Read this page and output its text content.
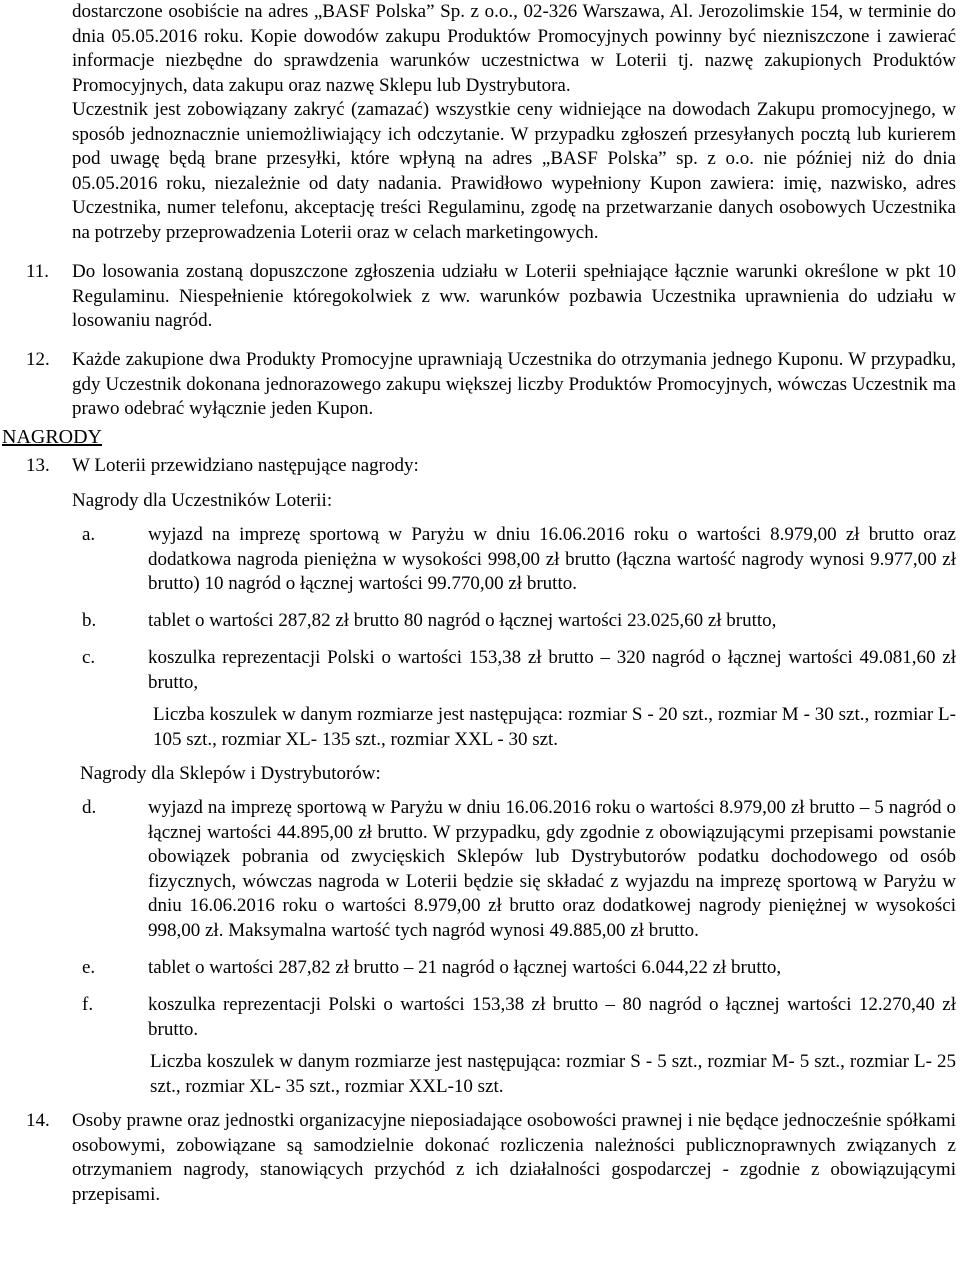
dostarczone osobiście na adres „BASF Polska” Sp. z o.o., 02-326 Warszawa, Al. Jerozolimskie 154, w terminie do dnia 05.05.2016 roku. Kopie dowodów zakupu Produktów Promocyjnych powinny być niezniszczone i zawierać informacje niezbędne do sprawdzenia warunków uczestnictwa w Loterii tj. nazwę zakupionych Produktów Promocyjnych, data zakupu oraz nazwę Sklepu lub Dystrybutora.

Uczestnik jest zobowiązany zakryć (zamazać) wszystkie ceny widniejące na dowodach Zakupu promocyjnego, w sposób jednoznacznie uniemożliwiający ich odczytanie. W przypadku zgłoszeń przesyłanych pocztą lub kurierem pod uwagę będą brane przesyłki, które wpłyną na adres „BASF Polska” sp. z o.o. nie później niż do dnia 05.05.2016 roku, niezależnie od daty nadania. Prawidłowo wypełniony Kupon zawiera: imię, nazwisko, adres Uczestnika, numer telefonu, akceptację treści Regulaminu, zgodę na przetwarzanie danych osobowych Uczestnika na potrzeby przeprowadzenia Loterii oraz w celach marketingowych.

11. Do losowania zostaną dopuszczone zgłoszenia udziału w Loterii spełniające łącznie warunki określone w pkt 10 Regulaminu. Niespełnienie któregokolwiek z ww. warunków pozbawia Uczestnika uprawnienia do udziału w losowaniu nagród.

12. Każde zakupione dwa Produkty Promocyjne uprawniają Uczestnika do otrzymania jednego Kuponu. W przypadku, gdy Uczestnik dokonana jednorazowego zakupu większej liczby Produktów Promocyjnych, wówczas Uczestnik ma prawo odebrać wyłącznie jeden Kupon.

NAGRODY
13. W Loterii przewidziano następujące nagrody:

Nagrody dla Uczestników Loterii:
a.	wyjazd na imprezę sportową w Paryżu w dniu 16.06.2016 roku o wartości 8.979,00 zł brutto oraz dodatkowa nagroda pieniężna w wysokości 998,00 zł brutto (łączna wartość nagrody wynosi 9.977,00 zł brutto) 10 nagród o łącznej wartości 99.770,00 zł brutto.

b.	tablet o wartości 287,82 zł brutto 80 nagród o łącznej wartości 23.025,60 zł brutto,

c.	koszulka reprezentacji Polski o wartości 153,38 zł brutto – 320 nagród o łącznej wartości 49.081,60 zł brutto,

Liczba koszulek w danym rozmiarze jest następująca: rozmiar S - 20 szt., rozmiar M - 30 szt., rozmiar L- 105 szt., rozmiar XL- 135 szt., rozmiar XXL - 30 szt.

Nagrody dla Sklepów i Dystrybutorów:
d.	wyjazd na imprezę sportową w Paryżu w dniu 16.06.2016 roku o wartości 8.979,00 zł brutto – 5 nagród o łącznej wartości 44.895,00 zł brutto. W przypadku, gdy zgodnie z obowiązującymi przepisami powstanie obowiązek pobrania od zwycięskich Sklepów lub Dystrybutorów podatku dochodowego od osób fizycznych, wówczas nagroda w Loterii będzie się składać z wyjazdu na imprezę sportową w Paryżu w dniu 16.06.2016 roku o wartości 8.979,00 zł brutto oraz dodatkowej nagrody pieniężnej w wysokości 998,00 zł. Maksymalna wartość tych nagród wynosi 49.885,00 zł brutto.

e.	tablet o wartości 287,82 zł brutto – 21 nagród o łącznej wartości 6.044,22 zł brutto,

f.	koszulka reprezentacji Polski o wartości 153,38 zł brutto – 80 nagród o łącznej wartości 12.270,40 zł brutto.

Liczba koszulek w danym rozmiarze jest następująca: rozmiar S - 5 szt., rozmiar M- 5 szt., rozmiar L- 25 szt., rozmiar XL- 35 szt., rozmiar XXL-10 szt.

14. Osoby prawne oraz jednostki organizacyjne nieposiadające osobowości prawnej i nie będące jednocześnie spółkami osobowymi, zobowiązane są samodzielnie dokonać rozliczenia należności publicznoprawnych związanych z otrzymaniem nagrody, stanowiących przychód z ich działalności gospodarczej - zgodnie z obowiązującymi przepisami.
